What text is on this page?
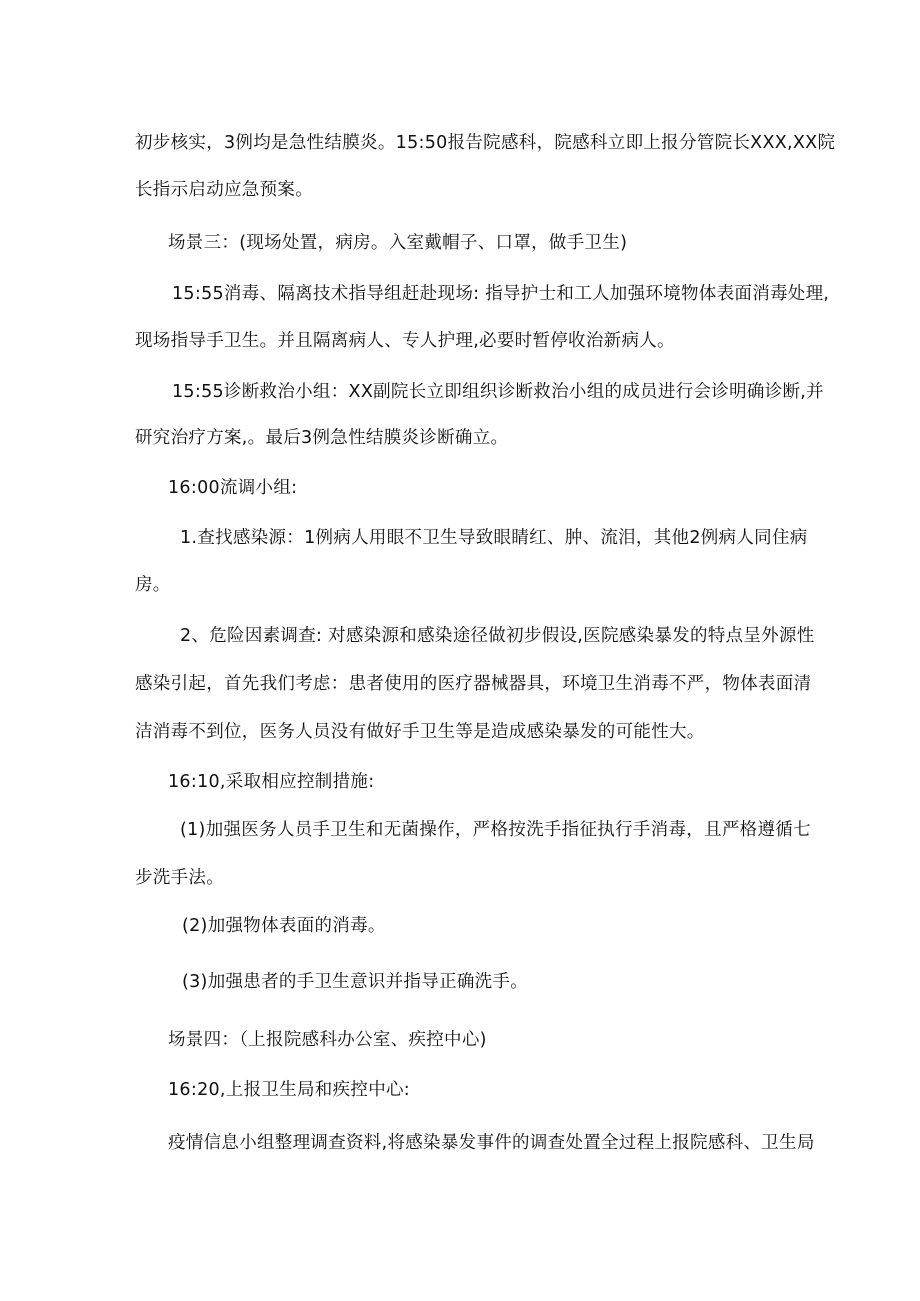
初步核实，3例均是急性结膜炎。15:50报告院感科，院感科立即上报分管院长XXX,XX院
长指示启动应急预案。
场景三：(现场处置，病房。入室戴帽子、口罩，做手卫生)
15:55消毒、隔离技术指导组赶赴现场: 指导护士和工人加强环境物体表面消毒处理,
现场指导手卫生。并且隔离病人、专人护理,必要时暂停收治新病人。
15:55诊断救治小组：XX副院长立即组织诊断救治小组的成员进行会诊明确诊断,并
研究治疗方案,。最后3例急性结膜炎诊断确立。
16:00流调小组:
1.查找感染源：1例病人用眼不卫生导致眼睛红、肿、流泪，其他2例病人同住病
房。
2、危险因素调查: 对感染源和感染途径做初步假设,医院感染暴发的特点呈外源性
感染引起，首先我们考虑：患者使用的医疗器械器具，环境卫生消毒不严，物体表面清
洁消毒不到位，医务人员没有做好手卫生等是造成感染暴发的可能性大。
16:10,采取相应控制措施:
(1)加强医务人员手卫生和无菌操作，严格按洗手指征执行手消毒，且严格遵循七
步洗手法。
(2)加强物体表面的消毒。
(3)加强患者的手卫生意识并指导正确洗手。
场景四：（上报院感科办公室、疾控中心)
16:20,上报卫生局和疾控中心:
疫情信息小组整理调查资料,将感染暴发事件的调查处置全过程上报院感科、卫生局
